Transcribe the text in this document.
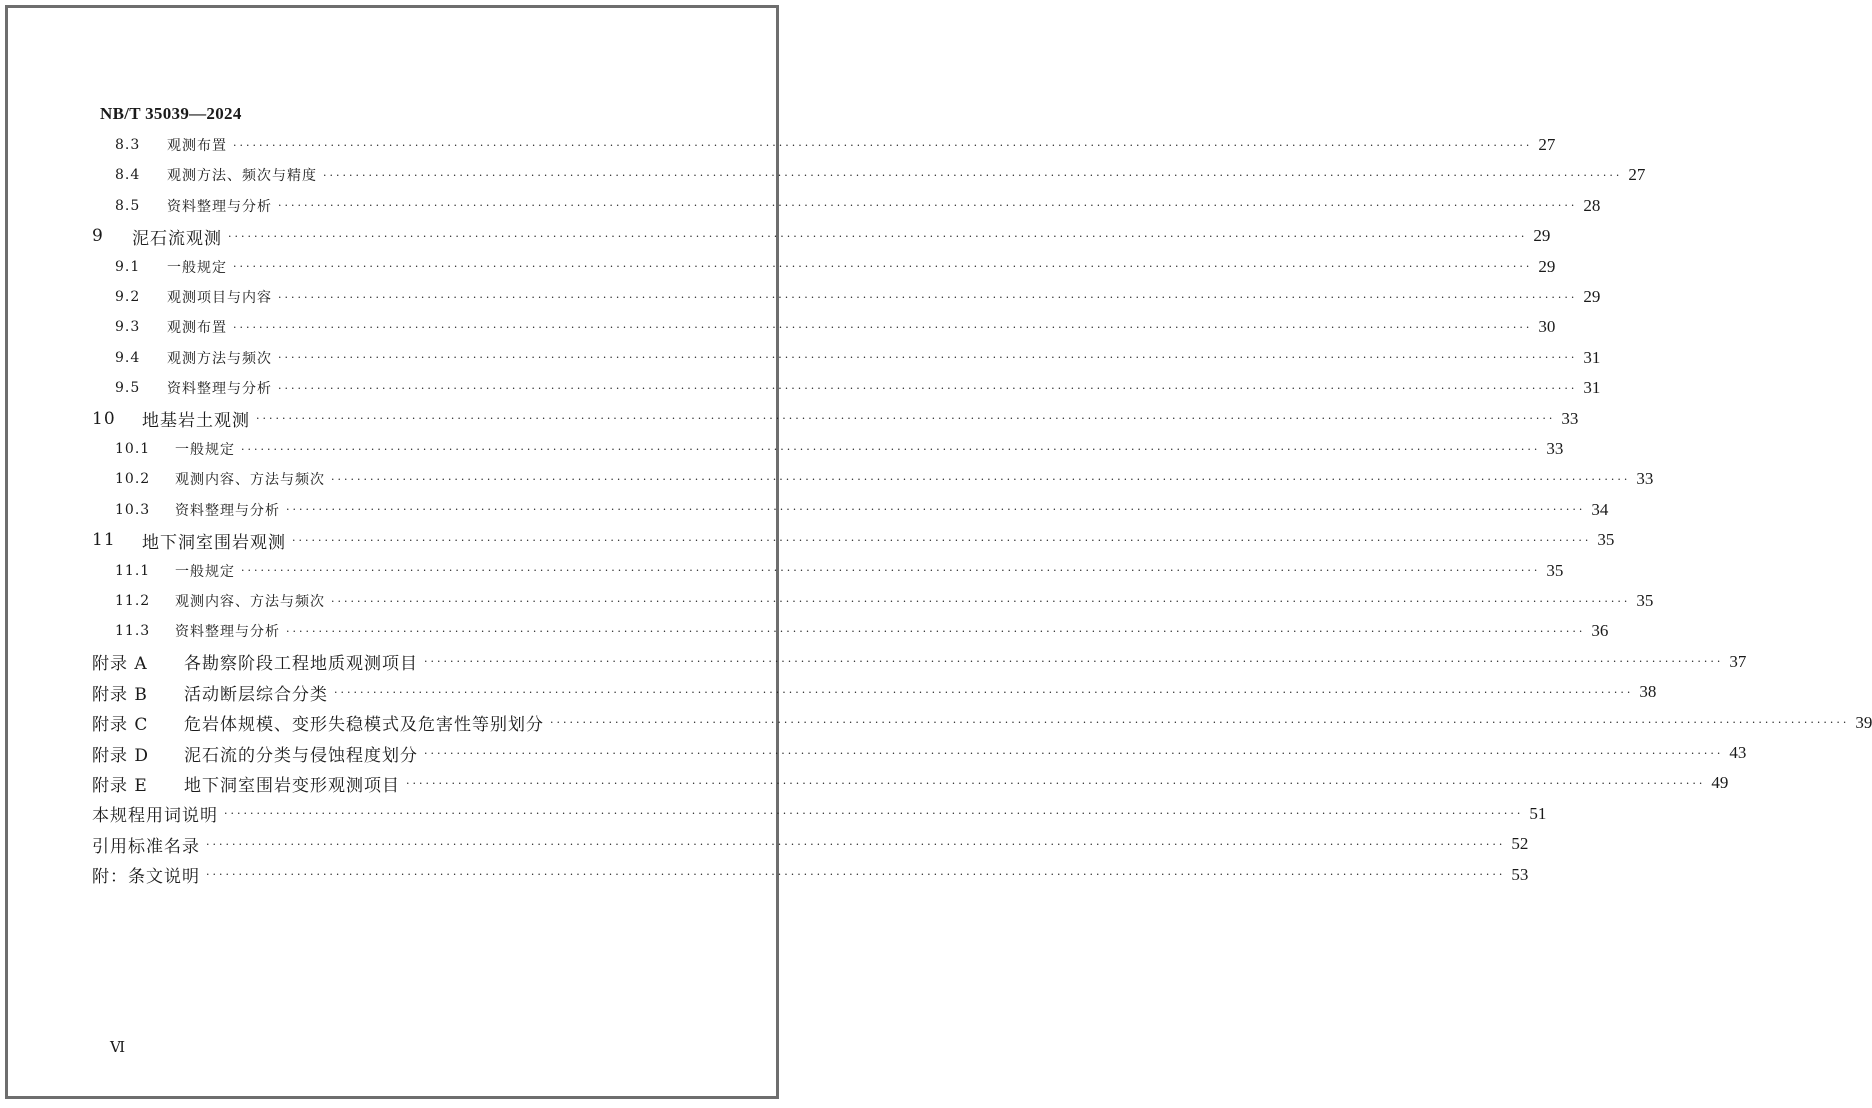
NB/T 35039—2024
Ⅵ
8.3	观测布置 ········································································································································································································ 27
8.4	观测方法、频次与精度 ········································································································································································································ 27
8.5	资料整理与分析 ········································································································································································································ 28
9	泥石流观测 ········································································································································································································ 29
9.1	一般规定 ········································································································································································································ 29
9.2	观测项目与内容 ········································································································································································································ 29
9.3	观测布置 ········································································································································································································ 30
9.4	观测方法与频次 ········································································································································································································ 31
9.5	资料整理与分析 ········································································································································································································ 31
10	地基岩土观测 ········································································································································································································ 33
10.1	一般规定 ········································································································································································································ 33
10.2	观测内容、方法与频次 ········································································································································································································ 33
10.3	资料整理与分析 ········································································································································································································ 34
11	地下洞室围岩观测 ········································································································································································································ 35
11.1	一般规定 ········································································································································································································ 35
11.2	观测内容、方法与频次 ········································································································································································································ 35
11.3	资料整理与分析 ········································································································································································································ 36
附录 A	各勘察阶段工程地质观测项目 ········································································································································································································ 37
附录 B	活动断层综合分类 ········································································································································································································ 38
附录 C	危岩体规模、变形失稳模式及危害性等别划分 ········································································································································································································ 39
附录 D	泥石流的分类与侵蚀程度划分 ········································································································································································································ 43
附录 E	地下洞室围岩变形观测项目 ········································································································································································································ 49
本规程用词说明 ········································································································································································································ 51
引用标准名录 ········································································································································································································ 52
附：条文说明 ········································································································································································································ 53
